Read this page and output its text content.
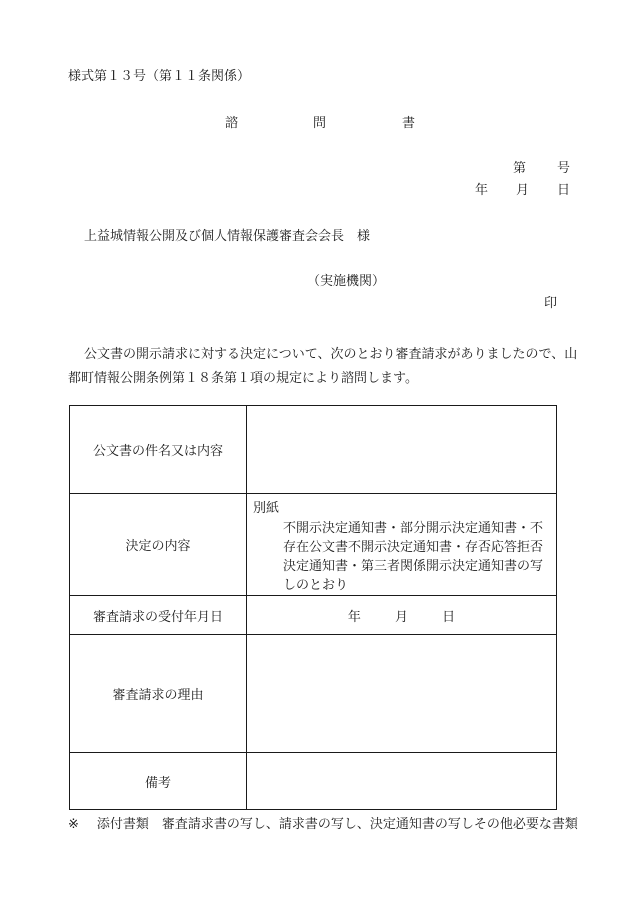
様式第１３号（第１１条関係）
諮	問	書
第 号
年 月 日
上益城情報公開及び個人情報保護審査会会長　様
（実施機関）
印
公文書の開示請求に対する決定について、次のとおり審査請求がありましたので、山都町情報公開条例第１８条第１項の規定により諮問します。
公文書の件名又は内容	
決定の内容	別紙
不開示決定通知書・部分開示決定通知書・不存在公文書不開示決定通知書・存否応答拒否決定通知書・第三者関係開示決定通知書の写しのとおり

審査請求の受付年月日	年 月 日
審査請求の理由	
備考	
※ 添付書類　審査請求書の写し、請求書の写し、決定通知書の写しその他必要な書類
